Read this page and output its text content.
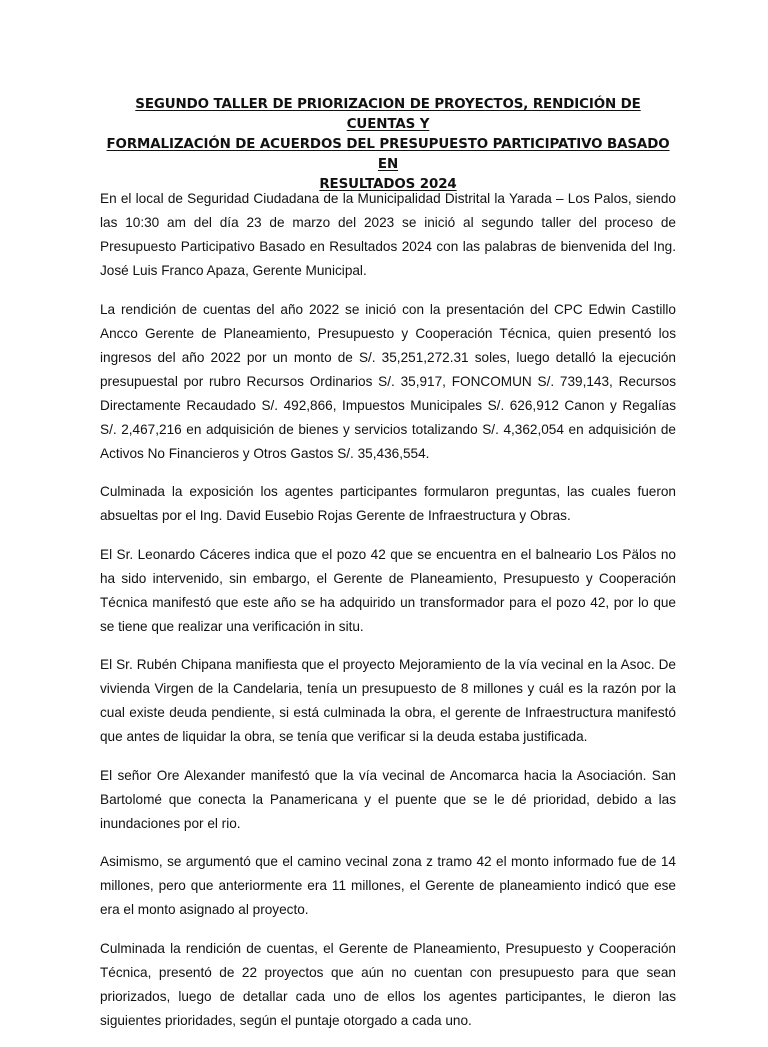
SEGUNDO TALLER DE PRIORIZACION DE PROYECTOS, RENDICIÓN DE CUENTAS Y
FORMALIZACIÓN DE ACUERDOS DEL PRESUPUESTO PARTICIPATIVO BASADO EN
RESULTADOS 2024

En el local de Seguridad Ciudadana de la Municipalidad Distrital la Yarada – Los Palos, siendo las 10:30 am del día 23 de marzo del 2023 se inició al segundo taller del proceso de Presupuesto Participativo Basado en Resultados 2024 con las palabras de bienvenida del Ing. José Luis Franco Apaza, Gerente Municipal.

La rendición de cuentas del año 2022 se inició con la presentación del CPC Edwin Castillo Ancco Gerente de Planeamiento, Presupuesto y Cooperación Técnica, quien presentó los ingresos del año 2022 por un monto de S/. 35,251,272.31 soles, luego detalló la ejecución presupuestal por rubro Recursos Ordinarios S/. 35,917, FONCOMUN S/. 739,143, Recursos Directamente Recaudado S/. 492,866, Impuestos Municipales S/. 626,912 Canon y Regalías S/. 2,467,216 en adquisición de bienes y servicios totalizando S/. 4,362,054 en adquisición de Activos No Financieros y Otros Gastos S/. 35,436,554.

Culminada la exposición los agentes participantes formularon preguntas, las cuales fueron absueltas por el Ing. David Eusebio Rojas Gerente de Infraestructura y Obras.

El Sr. Leonardo Cáceres indica que el pozo 42 que se encuentra en el balneario Los Pälos no ha sido intervenido, sin embargo, el Gerente de Planeamiento, Presupuesto y Cooperación Técnica manifestó que este año se ha adquirido un transformador para el pozo 42, por lo que se tiene que realizar una verificación in situ.

El Sr. Rubén Chipana manifiesta que el proyecto Mejoramiento de la vía vecinal en la Asoc. De vivienda Virgen de la Candelaria, tenía un presupuesto de 8 millones y cuál es la razón por la cual existe deuda pendiente, si está culminada la obra, el gerente de Infraestructura manifestó que antes de liquidar la obra, se tenía que verificar si la deuda estaba justificada.

El señor Ore Alexander manifestó que la vía vecinal de Ancomarca hacia la Asociación. San Bartolomé que conecta la Panamericana y el puente que se le dé prioridad, debido a las inundaciones por el rio.

Asimismo, se argumentó que el camino vecinal zona z tramo 42 el monto informado fue de 14 millones, pero que anteriormente era 11 millones, el Gerente de planeamiento indicó que ese era el monto asignado al proyecto.

Culminada la rendición de cuentas, el Gerente de Planeamiento, Presupuesto y Cooperación Técnica, presentó de 22 proyectos que aún no cuentan con presupuesto para que sean priorizados, luego de detallar cada uno de ellos los agentes participantes, le dieron las siguientes prioridades, según el puntaje otorgado a cada uno.
